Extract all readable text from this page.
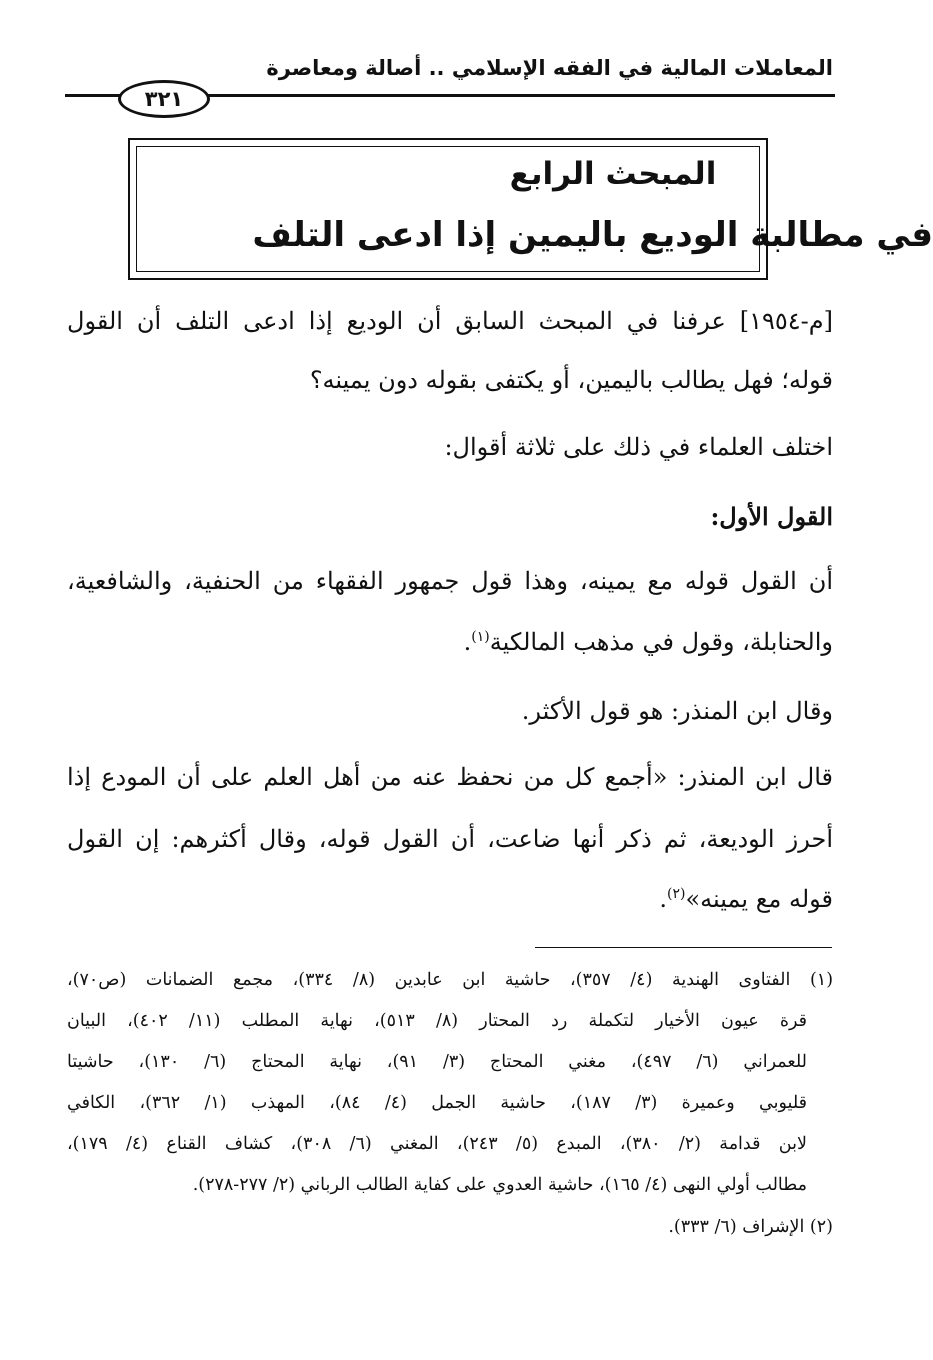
المعاملات المالية في الفقه الإسلامي .. أصالة ومعاصرة
٣٢١
المبحث الرابع
في مطالبة الوديع باليمين إذا ادعى التلف
[م-١٩٥٤] عرفنا في المبحث السابق أن الوديع إذا ادعى التلف أن القول
قوله؛ فهل يطالب باليمين، أو يكتفى بقوله دون يمينه؟
اختلف العلماء في ذلك على ثلاثة أقوال:
القول الأول:
أن القول قوله مع يمينه، وهذا قول جمهور الفقهاء من الحنفية، والشافعية،
والحنابلة، وقول في مذهب المالكية$^{(١)}$.
وقال ابن المنذر: هو قول الأكثر.
قال ابن المنذر: «أجمع كل من نحفظ عنه من أهل العلم على أن المودع إذا
أحرز الوديعة، ثم ذكر أنها ضاعت، أن القول قوله، وقال أكثرهم: إن القول
قوله مع يمينه»$^{(٢)}$.
(١) الفتاوى الهندية (٤/ ٣٥٧)، حاشية ابن عابدين (٨/ ٣٣٤)، مجمع الضمانات (ص٧٠)،
قرة عيون الأخيار لتكملة رد المحتار (٨/ ٥١٣)، نهاية المطلب (١١/ ٤٠٢)، البيان
للعمراني (٦/ ٤٩٧)، مغني المحتاج (٣/ ٩١)، نهاية المحتاج (٦/ ١٣٠)، حاشيتا
قليوبي وعميرة (٣/ ١٨٧)، حاشية الجمل (٤/ ٨٤)، المهذب (١/ ٣٦٢)، الكافي
لابن قدامة (٢/ ٣٨٠)، المبدع (٥/ ٢٤٣)، المغني (٦/ ٣٠٨)، كشاف القناع (٤/ ١٧٩)،
مطالب أولي النهى (٤/ ١٦٥)، حاشية العدوي على كفاية الطالب الرباني (٢/ ٢٧٧-٢٧٨).
(٢) الإشراف (٦/ ٣٣٣).
